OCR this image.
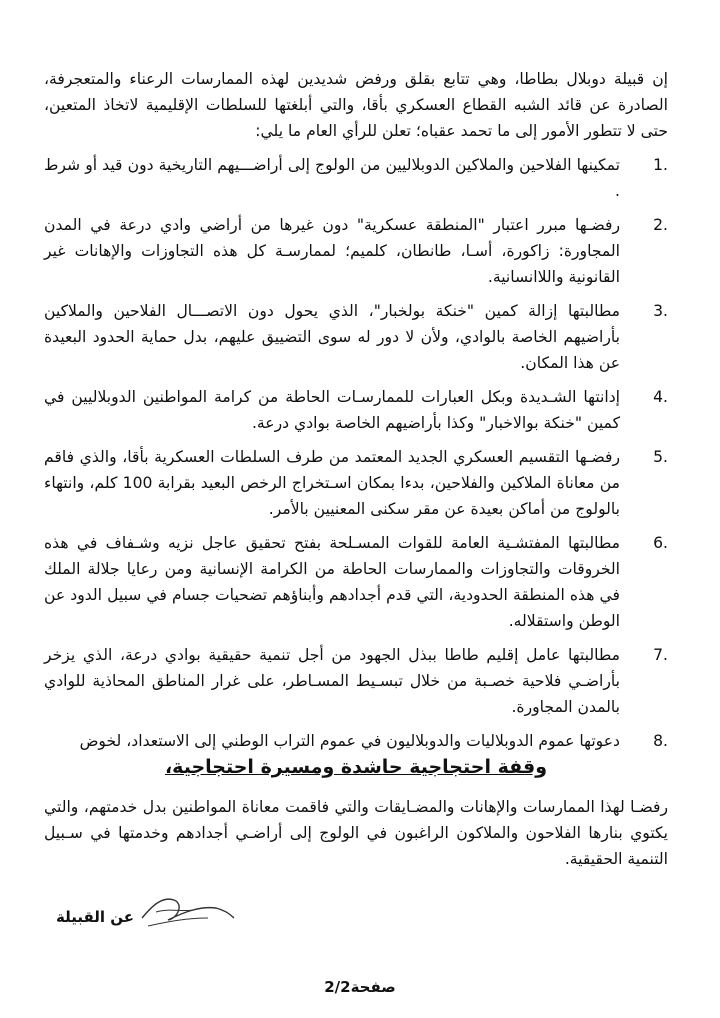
إن قبيلة دوبلال بطاطا، وهي تتابع بقلق ورفض شديدين لهذه الممارسات الرعناء والمتعجرفة، الصادرة عن قائد الشبه القطاع العسكري بأقا، والتي أبلغتها للسلطات الإقليمية لاتخاذ المتعين، حتى لا تتطور الأمور إلى ما تحمد عقباه؛ تعلن للرأي العام ما يلي:

1.
تمكينها الفلاحين والملاكين الدوبلاليين من الولوج إلى أراضـــيهم التاريخية دون قيد أو شرط .
2.
رفضـها مبرر اعتبار "المنطقة عسكرية" دون غيرها من أراضي وادي درعة في المدن المجاورة: زاكورة، أسـا، طانطان، كلميم؛ لممارسـة كل هذه التجاوزات والإهانات غير القانونية واللاانسانية.
3.
مطالبتها إزالة كمين "خنكة بولخبار"، الذي يحول دون الاتصـــال الفلاحين والملاكين بأراضيهم الخاصة بالوادي، ولأن لا دور له سوى التضييق عليهم، بدل حماية الحدود البعيدة عن هذا المكان.
4.
إدانتها الشـديدة وبكل العبارات للممارسـات الحاطة من كرامة المواطنين الدوبلاليين في كمين "خنكة بوالاخبار" وكذا بأراضيهم الخاصة بوادي درعة.
5.
رفضـها التقسيم العسكري الجديد المعتمد من طرف السلطات العسكرية بأقا، والذي فاقم من معاناة الملاكين والفلاحين، بدءا بمكان اسـتخراج الرخص البعيد بقرابة 100 كلم، وانتهاء بالولوج من أماكن بعيدة عن مقر سكنى المعنيين بالأمر.
6.
مطالبتها المفتشـية العامة للقوات المسـلحة بفتح تحقيق عاجل نزيه وشـفاف في هذه الخروقات والتجاوزات والممارسات الحاطة من الكرامة الإنسانية ومن رعايا جلالة الملك في هذه المنطقة الحدودية، التي قدم أجدادهم وأبناؤهم تضحيات جسام في سبيل الدود عن الوطن واستقلاله.
7.
مطالبتها عامل إقليم طاطا ببذل الجهود من أجل تنمية حقيقية بوادي درعة، الذي يزخر بأراضـي فلاحية خصـبة من خلال تبسـيط المسـاطر، على غرار المناطق المحاذية للوادي بالمدن المجاورة.
8.
دعوتها عموم الدوبلاليات والدوبلاليون في عموم التراب الوطني إلى الاستعداد، لخوض
وقفة احتجاجية حاشدة ومسيرة احتجاجية،

رفضـا لهذا الممارسات والإهانات والمضـايقات والتي فاقمت معاناة المواطنين بدل خدمتهم، والتي يكتوي بنارها الفلاحون والملاكون الراغبون في الولوج إلى أراضـي أجدادهم وخدمتها في سـبيل التنمية الحقيقية.

عن القبيلة
صفحة2/2
